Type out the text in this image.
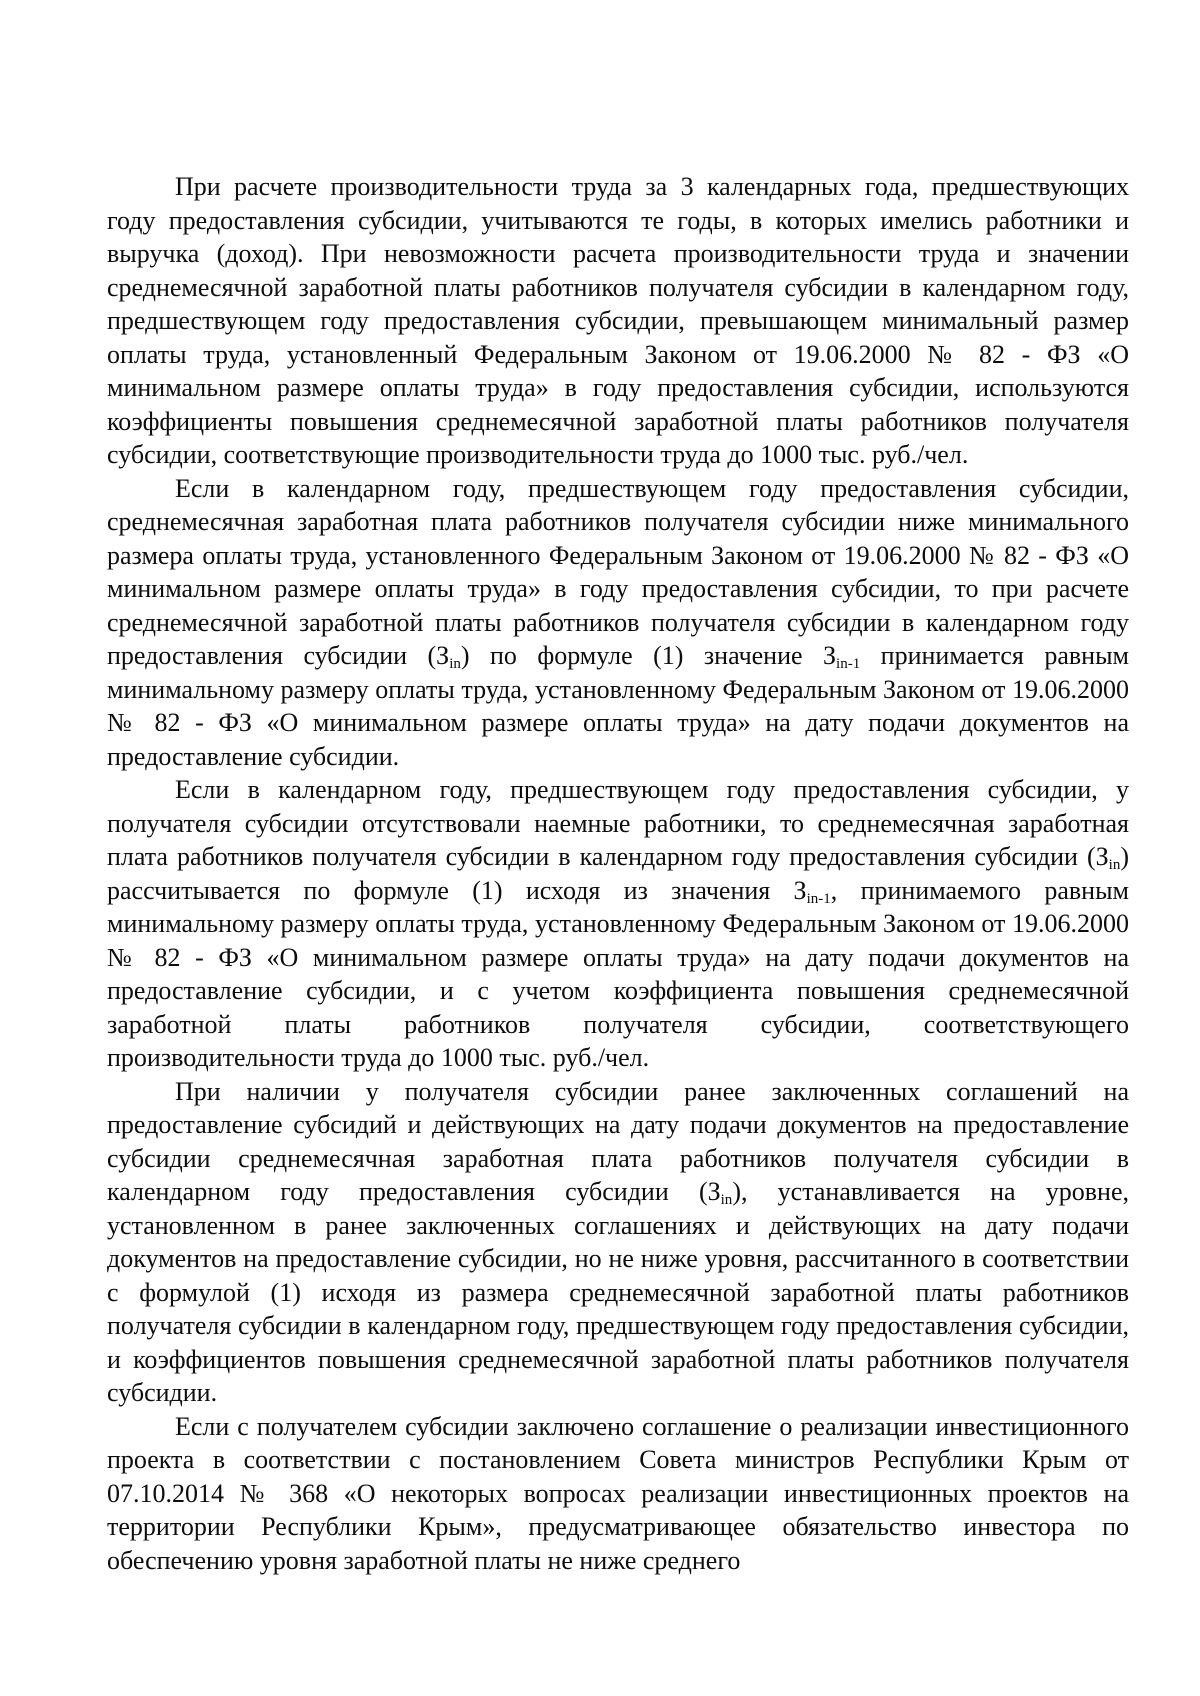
При расчете производительности труда за 3 календарных года, предшествующих году предоставления субсидии, учитываются те годы, в которых имелись работники и выручка (доход). При невозможности расчета производительности труда и значении среднемесячной заработной платы работников получателя субсидии в календарном году, предшествующем году предоставления субсидии, превышающем минимальный размер оплаты труда, установленный Федеральным Законом от 19.06.2000 № 82 - ФЗ «О минимальном размере оплаты труда» в году предоставления субсидии, используются коэффициенты повышения среднемесячной заработной платы работников получателя субсидии, соответствующие производительности труда до 1000 тыс. руб./чел.

Если в календарном году, предшествующем году предоставления субсидии, среднемесячная заработная плата работников получателя субсидии ниже минимального размера оплаты труда, установленного Федеральным Законом от 19.06.2000 № 82 - ФЗ «О минимальном размере оплаты труда» в году предоставления субсидии, то при расчете среднемесячной заработной платы работников получателя субсидии в календарном году предоставления субсидии $(З_{in})$ по формуле (1) значение $З_{in-1}$ принимается равным минимальному размеру оплаты труда, установленному Федеральным Законом от 19.06.2000 № 82 - ФЗ «О минимальном размере оплаты труда» на дату подачи документов на предоставление субсидии.

Если в календарном году, предшествующем году предоставления субсидии, у получателя субсидии отсутствовали наемные работники, то среднемесячная заработная плата работников получателя субсидии в календарном году предоставления субсидии $(З_{in})$ рассчитывается по формуле (1) исходя из значения $З_{in-1}$, принимаемого равным минимальному размеру оплаты труда, установленному Федеральным Законом от 19.06.2000 № 82 - ФЗ «О минимальном размере оплаты труда» на дату подачи документов на предоставление субсидии, и с учетом коэффициента повышения среднемесячной заработной платы работников получателя субсидии, соответствующего производительности труда до 1000 тыс. руб./чел.

При наличии у получателя субсидии ранее заключенных соглашений на предоставление субсидий и действующих на дату подачи документов на предоставление субсидии среднемесячная заработная плата работников получателя субсидии в календарном году предоставления субсидии $(З_{in})$, устанавливается на уровне, установленном в ранее заключенных соглашениях и действующих на дату подачи документов на предоставление субсидии, но не ниже уровня, рассчитанного в соответствии с формулой (1) исходя из размера среднемесячной заработной платы работников получателя субсидии в календарном году, предшествующем году предоставления субсидии, и коэффициентов повышения среднемесячной заработной платы работников получателя субсидии.

Если с получателем субсидии заключено соглашение о реализации инвестиционного проекта в соответствии с постановлением Совета министров Республики Крым от 07.10.2014 № 368 «О некоторых вопросах реализации инвестиционных проектов на территории Республики Крым», предусматривающее обязательство инвестора по обеспечению уровня заработной платы не ниже среднего
